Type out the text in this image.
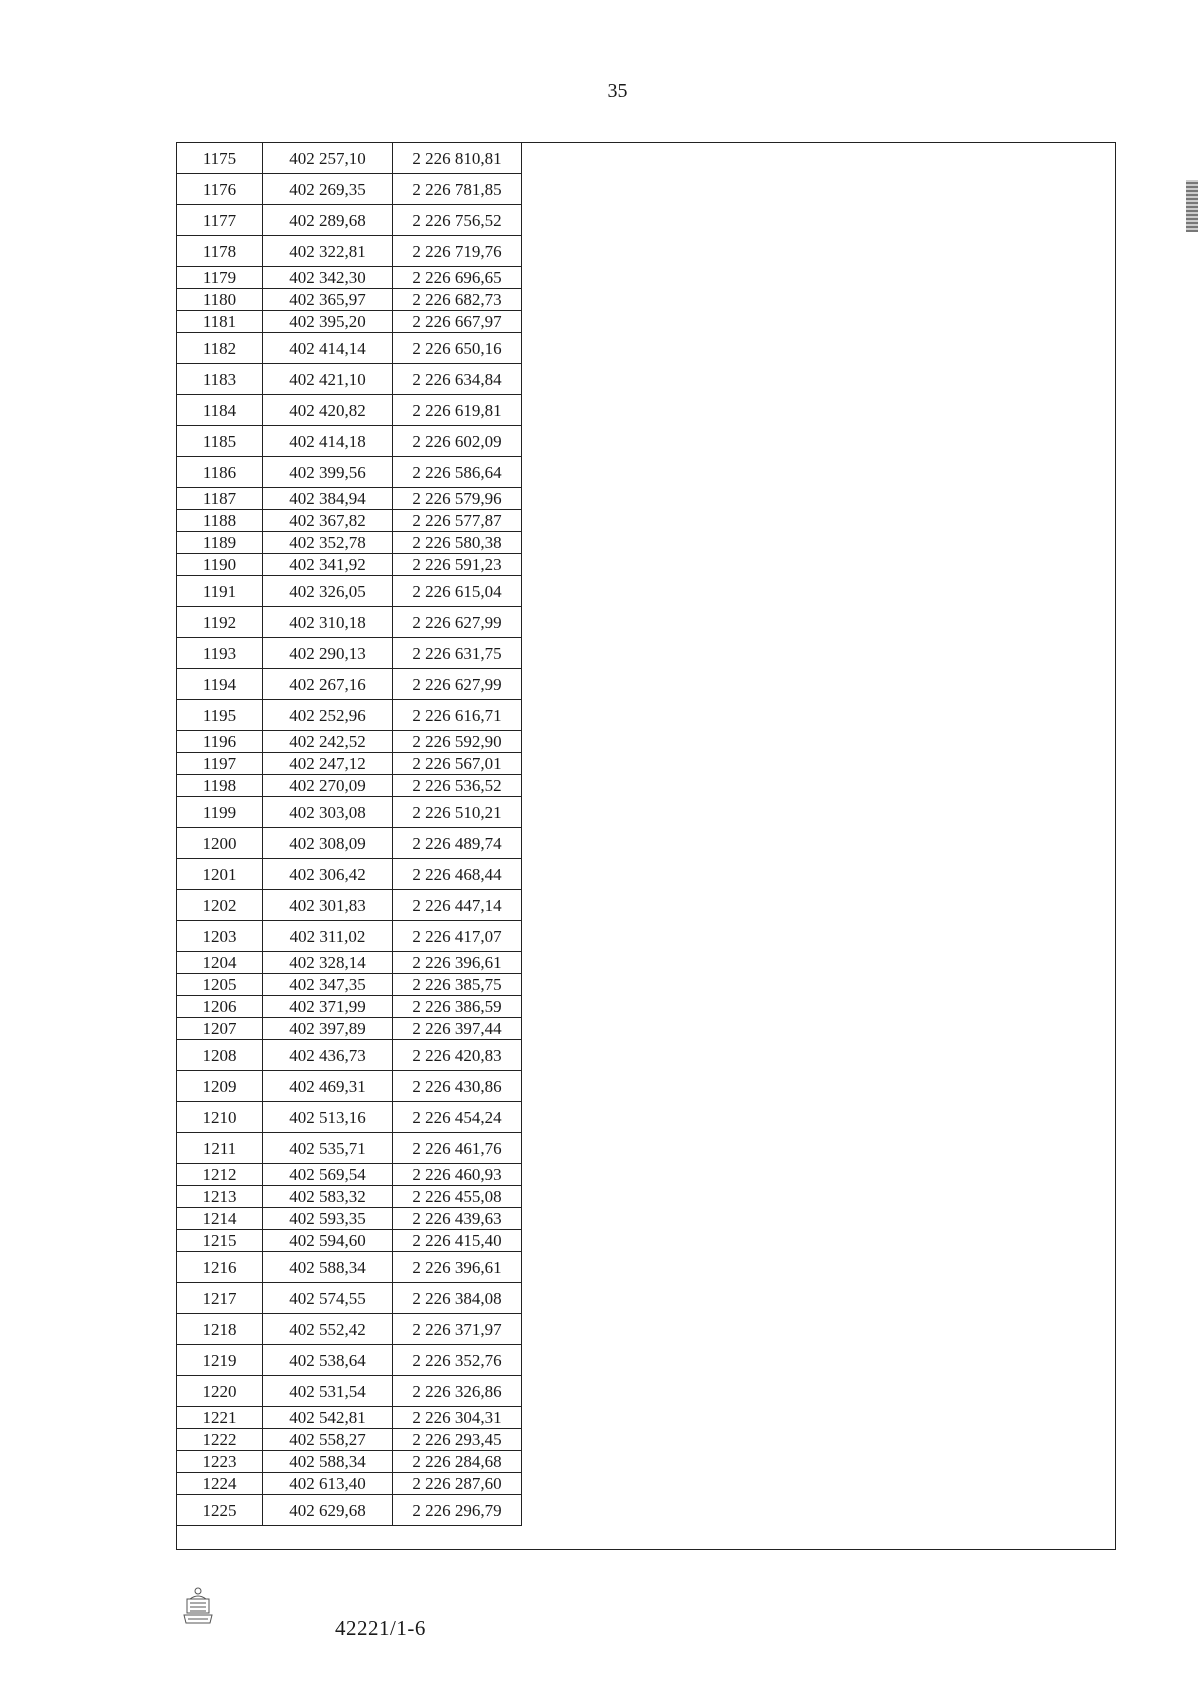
35
1175	402 257,10	2 226 810,81
1176	402 269,35	2 226 781,85
1177	402 289,68	2 226 756,52
1178	402 322,81	2 226 719,76
1179	402 342,30	2 226 696,65
1180	402 365,97	2 226 682,73
1181	402 395,20	2 226 667,97
1182	402 414,14	2 226 650,16
1183	402 421,10	2 226 634,84
1184	402 420,82	2 226 619,81
1185	402 414,18	2 226 602,09
1186	402 399,56	2 226 586,64
1187	402 384,94	2 226 579,96
1188	402 367,82	2 226 577,87
1189	402 352,78	2 226 580,38
1190	402 341,92	2 226 591,23
1191	402 326,05	2 226 615,04
1192	402 310,18	2 226 627,99
1193	402 290,13	2 226 631,75
1194	402 267,16	2 226 627,99
1195	402 252,96	2 226 616,71
1196	402 242,52	2 226 592,90
1197	402 247,12	2 226 567,01
1198	402 270,09	2 226 536,52
1199	402 303,08	2 226 510,21
1200	402 308,09	2 226 489,74
1201	402 306,42	2 226 468,44
1202	402 301,83	2 226 447,14
1203	402 311,02	2 226 417,07
1204	402 328,14	2 226 396,61
1205	402 347,35	2 226 385,75
1206	402 371,99	2 226 386,59
1207	402 397,89	2 226 397,44
1208	402 436,73	2 226 420,83
1209	402 469,31	2 226 430,86
1210	402 513,16	2 226 454,24
1211	402 535,71	2 226 461,76
1212	402 569,54	2 226 460,93
1213	402 583,32	2 226 455,08
1214	402 593,35	2 226 439,63
1215	402 594,60	2 226 415,40
1216	402 588,34	2 226 396,61
1217	402 574,55	2 226 384,08
1218	402 552,42	2 226 371,97
1219	402 538,64	2 226 352,76
1220	402 531,54	2 226 326,86
1221	402 542,81	2 226 304,31
1222	402 558,27	2 226 293,45
1223	402 588,34	2 226 284,68
1224	402 613,40	2 226 287,60
1225	402 629,68	2 226 296,79
42221/1-6
